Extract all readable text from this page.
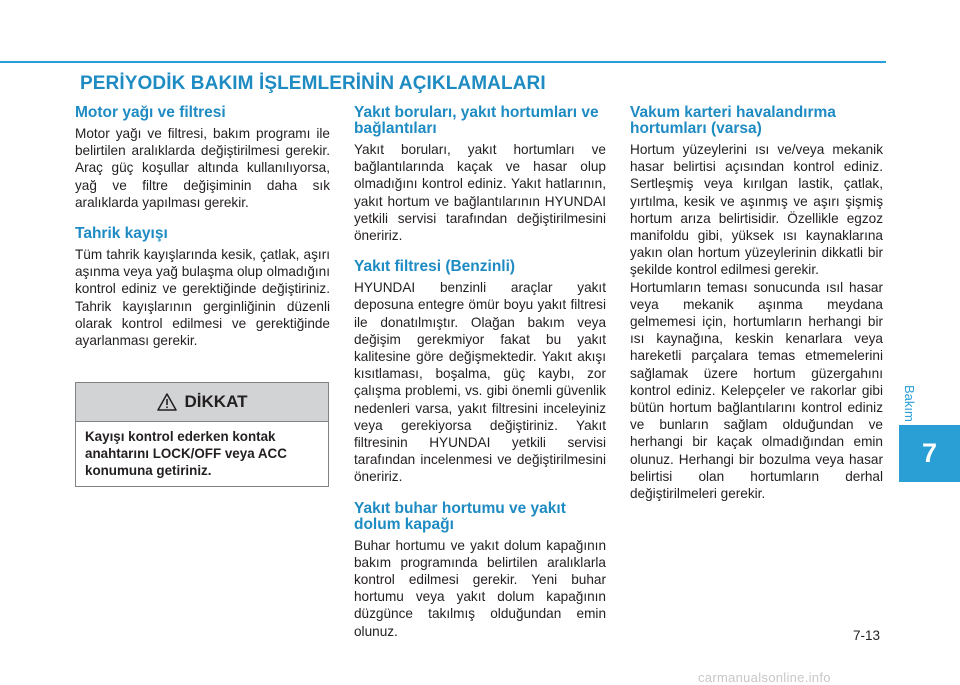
PERİYODİK BAKIM İŞLEMLERİNİN AÇIKLAMALARI
Motor yağı ve filtresi

Motor yağı ve filtresi, bakım programı ile belirtilen aralıklarda değiştirilmesi gerekir. Araç güç koşullar altında kullanılıyorsa, yağ ve filtre değişiminin daha sık aralıklarda yapılması gerekir.

Tahrik kayışı

Tüm tahrik kayışlarında kesik, çatlak, aşırı aşınma veya yağ bulaşma olup olmadığını kontrol ediniz ve gerektiğinde değiştiriniz. Tahrik kayışlarının gerginliğinin düzenli olarak kontrol edilmesi ve gerektiğinde ayarlanması gerekir.

DİKKAT
Kayışı kontrol ederken kontak anahtarını LOCK/OFF veya ACC konumuna getiriniz.
Yakıt boruları, yakıt hortumları ve bağlantıları

Yakıt boruları, yakıt hortumları ve bağlantılarında kaçak ve hasar olup olmadığını kontrol ediniz. Yakıt hatlarının, yakıt hortum ve bağlantılarının HYUNDAI yetkili servisi tarafından değiştirilmesini öneririz.

Yakıt filtresi (Benzinli)

HYUNDAI benzinli araçlar yakıt deposuna entegre ömür boyu yakıt filtresi ile donatılmıştır. Olağan bakım veya değişim gerekmiyor fakat bu yakıt kalitesine göre değişmektedir. Yakıt akışı kısıtlaması, boşalma, güç kaybı, zor çalışma problemi, vs. gibi önemli güvenlik nedenleri varsa, yakıt filtresini inceleyiniz veya gerekiyorsa değiştiriniz. Yakıt filtresinin HYUNDAI yetkili servisi tarafından incelenmesi ve değiştirilmesini öneririz.

Yakıt buhar hortumu ve yakıt dolum kapağı

Buhar hortumu ve yakıt dolum kapağının bakım programında belirtilen aralıklarla kontrol edilmesi gerekir. Yeni buhar hortumu veya yakıt dolum kapağının düzgünce takılmış olduğundan emin olunuz.

Vakum karteri havalandırma hortumları (varsa)

Hortum yüzeylerini ısı ve/veya mekanik hasar belirtisi açısından kontrol ediniz. Sertleşmiş veya kırılgan lastik, çatlak, yırtılma, kesik ve aşınmış ve aşırı şişmiş hortum arıza belirtisidir. Özellikle egzoz manifoldu gibi, yüksek ısı kaynaklarına yakın olan hortum yüzeylerinin dikkatli bir şekilde kontrol edilmesi gerekir.

Hortumların teması sonucunda ısıl hasar veya mekanik aşınma meydana gelmemesi için, hortumların herhangi bir ısı kaynağına, keskin kenarlara veya hareketli parçalara temas etmemelerini sağlamak üzere hortum güzergahını kontrol ediniz. Kelepçeler ve rakorlar gibi bütün hortum bağlantılarını kontrol ediniz ve bunların sağlam olduğundan ve herhangi bir kaçak olmadığından emin olunuz. Herhangi bir bozulma veya hasar belirtisi olan hortumların derhal değiştirilmeleri gerekir.

Bakım
7
7-13
carmanualsonline.info
